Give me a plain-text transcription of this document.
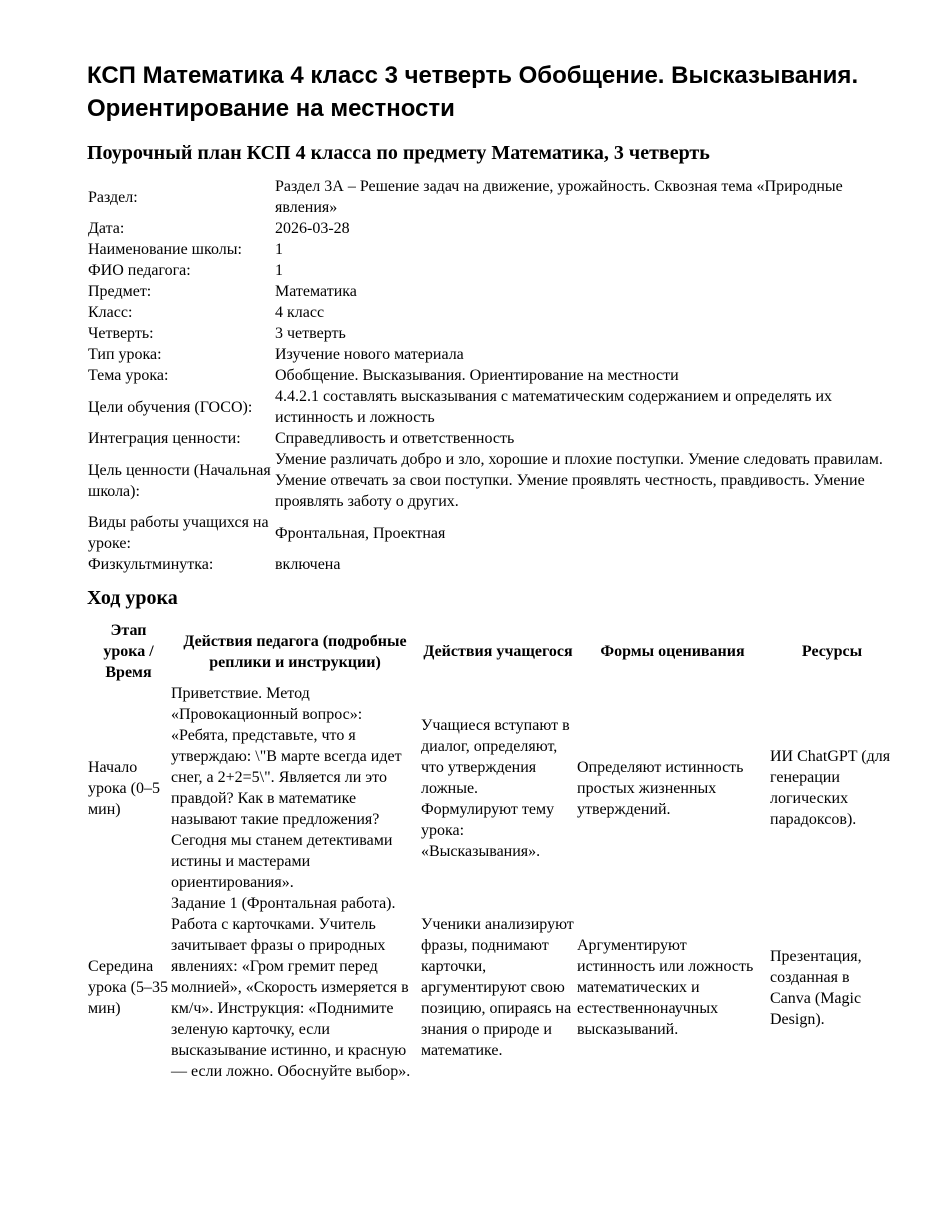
КСП Математика 4 класс 3 четверть Обобщение. Высказывания. Ориентирование на местности
Поурочный план КСП 4 класса по предмету Математика, 3 четверть
Раздел:	Раздел 3А – Решение задач на движение, урожайность. Сквозная тема «Природные явления»
Дата:	2026-03-28
Наименование школы:	1
ФИО педагога:	1
Предмет:	Математика
Класс:	4 класс
Четверть:	3 четверть
Тип урока:	Изучение нового материала
Тема урока:	Обобщение. Высказывания. Ориентирование на местности
Цели обучения (ГОСО):	4.4.2.1 составлять высказывания с математическим содержанием и определять их истинность и ложность
Интеграция ценности:	Справедливость и ответственность
Цель ценности (Начальная школа):	Умение различать добро и зло, хорошие и плохие поступки. Умение следовать правилам. Умение отвечать за свои поступки. Умение проявлять честность, правдивость. Умение проявлять заботу о других.
Виды работы учащихся на уроке:	Фронтальная, Проектная
Физкультминутка:	включена
Ход урока
Этап урока / Время	Действия педагога (подробные реплики и инструкции)	Действия учащегося	Формы оценивания	Ресурсы
Начало урока (0–5 мин)	Приветствие. Метод «Провокационный вопрос»: «Ребята, представьте, что я утверждаю: \"В марте всегда идет снег, а 2+2=5\". Является ли это правдой? Как в математике называют такие предложения? Сегодня мы станем детективами истины и мастерами ориентирования».	Учащиеся вступают в диалог, определяют, что утверждения ложные. Формулируют тему урока: «Высказывания».	Определяют истинность простых жизненных утверждений.	ИИ ChatGPT (для генерации логических парадоксов).
Середина урока (5–35 мин)	Задание 1 (Фронтальная работа). Работа с карточками. Учитель зачитывает фразы о природных явлениях: «Гром гремит перед молнией», «Скорость измеряется в км/ч». Инструкция: «Поднимите зеленую карточку, если высказывание истинно, и красную — если ложно. Обоснуйте выбор».	Ученики анализируют фразы, поднимают карточки, аргументируют свою позицию, опираясь на знания о природе и математике.	Аргументируют истинность или ложность математических и естественнонаучных высказываний.	Презентация, созданная в Canva (Magic Design).
